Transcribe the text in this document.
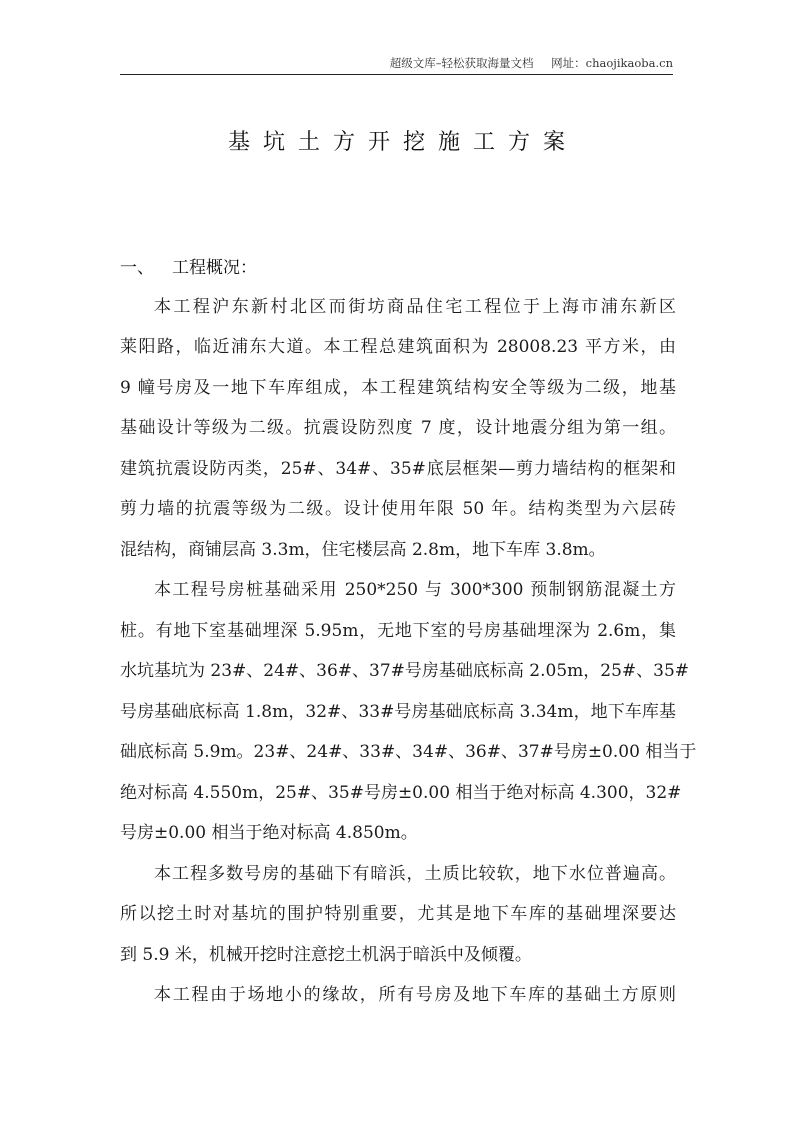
超级文库–轻松获取海量文档 网址：chaojikaoba.cn
基坑土方开挖施工方案
一、 工程概况：
本工程沪东新村北区而街坊商品住宅工程位于上海市浦东新区
莱阳路，临近浦东大道。本工程总建筑面积为 28008.23 平方米，由
9 幢号房及一地下车库组成，本工程建筑结构安全等级为二级，地基
基础设计等级为二级。抗震设防烈度 7 度，设计地震分组为第一组。
建筑抗震设防丙类，25#、34#、35#底层框架—剪力墙结构的框架和
剪力墙的抗震等级为二级。设计使用年限 50 年。结构类型为六层砖
混结构，商铺层高 3.3m，住宅楼层高 2.8m，地下车库 3.8m。
本工程号房桩基础采用 250*250 与 300*300 预制钢筋混凝土方
桩。有地下室基础埋深 5.95m，无地下室的号房基础埋深为 2.6m，集
水坑基坑为 23#、24#、36#、37#号房基础底标高 2.05m，25#、35#
号房基础底标高 1.8m，32#、33#号房基础底标高 3.34m，地下车库基
础底标高 5.9m。23#、24#、33#、34#、36#、37#号房±0.00 相当于
绝对标高 4.550m，25#、35#号房±0.00 相当于绝对标高 4.300，32#
号房±0.00 相当于绝对标高 4.850m。
本工程多数号房的基础下有暗浜，土质比较软，地下水位普遍高。
所以挖土时对基坑的围护特别重要，尤其是地下车库的基础埋深要达
到 5.9 米，机械开挖时注意挖土机涡于暗浜中及倾覆。
本工程由于场地小的缘故，所有号房及地下车库的基础土方原则
